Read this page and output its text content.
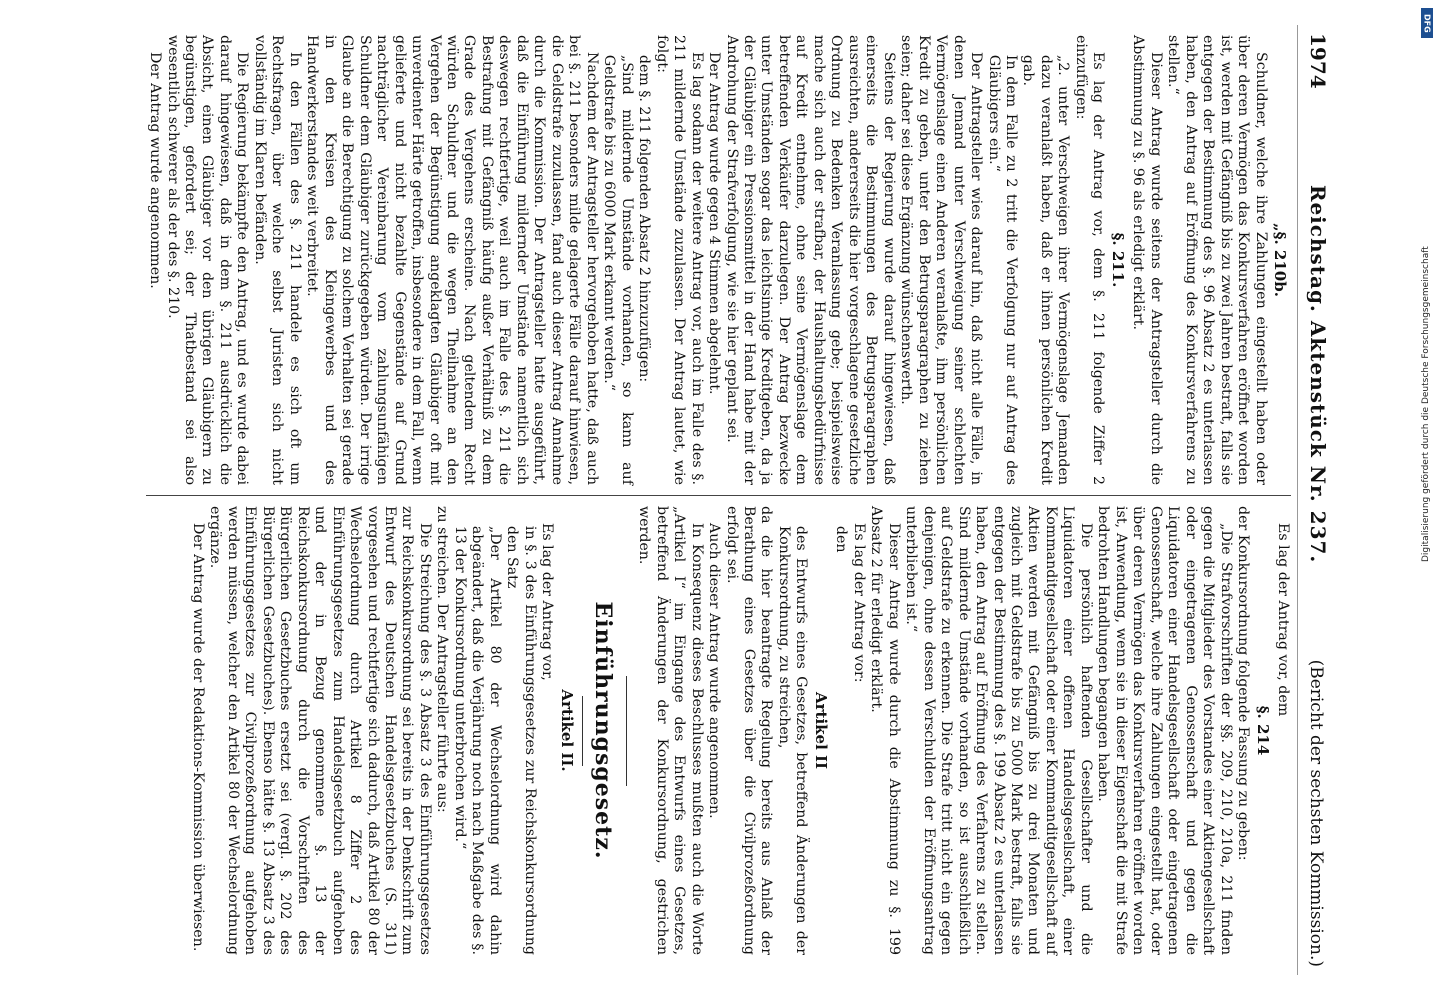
1974
Reichstag. Aktenstück Nr. 237.
(Bericht der sechsten Kommission.)
„§. 210b.

Schuldner, welche ihre Zahlungen eingestellt haben oder über deren Vermögen das Konkursverfahren eröffnet worden ist, werden mit Gefängniß bis zu zwei Jahren bestraft, falls sie entgegen der Bestimmung des §. 96 Absatz 2 es unterlassen haben, den Antrag auf Eröffnung des Konkursverfahrens zu stellen.“

Dieser Antrag wurde seitens der Antragsteller durch die Abstimmung zu §. 96 als erledigt erklärt.

§. 211.

Es lag der Antrag vor, dem §. 211 folgende Ziffer 2 einzufügen:

„2. unter Verschweigen ihrer Vermögenslage Jemanden dazu veranlaßt haben, daß er ihnen persönlichen Kredit gab.

In dem Falle zu 2 tritt die Verfolgung nur auf Antrag des Gläubigers ein.“

Der Antragsteller wies darauf hin, daß nicht alle Fälle, in denen Jemand unter Verschweigung seiner schlechten Vermögenslage einen Anderen veranlaßte, ihm persönlichen Kredit zu geben, unter den Betrugsparagraphen zu ziehen seien; daher sei diese Ergänzung wünschenswerth.

Seitens der Regierung wurde darauf hingewiesen, daß einerseits die Bestimmungen des Betrugsparagraphen ausreichten, andererseits die hier vorgeschlagene gesetzliche Ordnung zu Bedenken Veranlassung gebe; beispielsweise mache sich auch der strafbar, der Haushaltungsbedürfnisse auf Kredit entnehme, ohne seine Vermögenslage dem betreffenden Verkäufer darzulegen. Der Antrag bezwecke unter Umständen sogar das leichtsinnige Kreditgeben, da ja der Gläubiger ein Pressionsmittel in der Hand habe mit der Androhung der Strafverfolgung, wie sie hier geplant sei.

Der Antrag wurde gegen 4 Stimmen abgelehnt.

Es lag sodann der weitere Antrag vor, auch im Falle des §. 211 mildernde Umstände zuzulassen. Der Antrag lautet, wie folgt:

dem §. 211 folgenden Absatz 2 hinzuzufügen:

„Sind mildernde Umstände vorhanden, so kann auf Geldstrafe bis zu 6000 Mark erkannt werden.“

Nachdem der Antragsteller hervorgehoben hatte, daß auch bei §. 211 besonders milde gelagerte Fälle darauf hinwiesen, die Geldstrafe zuzulassen, fand auch dieser Antrag Annahme durch die Kommission. Der Antragsteller hatte ausgeführt, daß die Einführung mildernder Umstände namentlich sich deswegen rechtfertige, weil auch im Falle des §. 211 die Bestrafung mit Gefängniß häufig außer Verhältniß zu dem Grade des Vergehens erscheine. Nach geltendem Recht würden Schuldner und die wegen Theilnahme an den Vergehen der Begünstigung angeklagten Gläubiger oft mit unverdienter Härte getroffen, insbesondere in dem Fall, wenn gelieferte und nicht bezahlte Gegenstände auf Grund nachträglicher Vereinbarung vom zahlungsunfähigen Schuldner dem Gläubiger zurückgegeben würden. Der irrige Glaube an die Berechtigung zu solchem Verhalten sei gerade in den Kreisen des Kleingewerbes und des Handwerkerstandes weit verbreitet.

In den Fällen des §. 211 handele es sich oft um Rechtsfragen, über welche selbst Juristen sich nicht vollständig im Klaren befänden.

Die Regierung bekämpfte den Antrag, und es wurde dabei darauf hingewiesen, daß in dem §. 211 ausdrücklich die Absicht, einen Gläubiger vor den übrigen Gläubigern zu begünstigen, gefordert sei; der Thatbestand sei also wesentlich schwerer als der des §. 210.

Der Antrag wurde angenommen.

Es lag der Antrag vor, dem

§. 214

der Konkursordnung folgende Fassung zu geben:

„Die Strafvorschriften der §§. 209, 210, 210a, 211 finden gegen die Mitglieder des Vorstandes einer Aktiengesellschaft oder eingetragenen Genossenschaft und gegen die Liquidatoren einer Handelsgesellschaft oder eingetragenen Genossenschaft, welche ihre Zahlungen eingestellt hat, oder über deren Vermögen das Konkursverfahren eröffnet worden ist, Anwendung, wenn sie in dieser Eigenschaft die mit Strafe bedrohten Handlungen begangen haben.

Die persönlich haftenden Gesellschafter und die Liquidatoren einer offenen Handelsgesellschaft, einer Kommanditgesellschaft oder einer Kommanditgesellschaft auf Aktien werden mit Gefängniß bis zu drei Monaten und zugleich mit Geldstrafe bis zu 5000 Mark bestraft, falls sie entgegen der Bestimmung des §. 199 Absatz 2 es unterlassen haben, den Antrag auf Eröffnung des Verfahrens zu stellen. Sind mildernde Umstände vorhanden, so ist ausschließlich auf Geldstrafe zu erkennen. Die Strafe tritt nicht ein gegen denjenigen, ohne dessen Verschulden der Eröffnungsantrag unterblieben ist.“

Dieser Antrag wurde durch die Abstimmung zu §. 199 Absatz 2 für erledigt erklärt.

Es lag der Antrag vor:

den

Artikel II

des Entwurfs eines Gesetzes, betreffend Änderungen der Konkursordnung, zu streichen,

da die hier beantragte Regelung bereits aus Anlaß der Berathung eines Gesetzes über die Civilprozeßordnung erfolgt sei.

Auch dieser Antrag wurde angenommen.

In Konsequenz dieses Beschlusses mußten auch die Worte „Artikel I“ im Eingange des Entwurfs eines Gesetzes, betreffend Änderungen der Konkursordnung, gestrichen werden.

Einführungsgesetz.
Artikel II.

Es lag der Antrag vor,

in §. 3 des Einführungsgesetzes zur Reichskonkursordnung den Satz

„Der Artikel 80 der Wechselordnung wird dahin abgeändert, daß die Verjährung noch nach Maßgabe des §. 13 der Konkursordnung unterbrochen wird.“

zu streichen. Der Antragsteller führte aus:

Die Streichung des §. 3 Absatz 3 des Einführungsgesetzes zur Reichskonkursordnung sei bereits in der Denkschrift zum Entwurf des Deutschen Handelsgesetzbuches (S. 311) vorgesehen und rechtfertige sich dadurch, daß Artikel 80 der Wechselordnung durch Artikel 8 Ziffer 2 des Einführungsgesetzes zum Handelsgesetzbuch aufgehoben und der in Bezug genommene §. 13 der Reichskonkursordnung durch die Vorschriften des Bürgerlichen Gesetzbuches ersetzt sei (vergl. §. 202 des Bürgerlichen Gesetzbuches). Ebenso hätte §. 13 Absatz 3 des Einführungsgesetzes zur Civilprozeßordnung aufgehoben werden müssen, welcher den Artikel 80 der Wechselordnung ergänze.

Der Antrag wurde der Redaktions-Kommission überwiesen.

DFG
Digitalisierung gefördert durch die Deutsche Forschungsgemeinschaft
